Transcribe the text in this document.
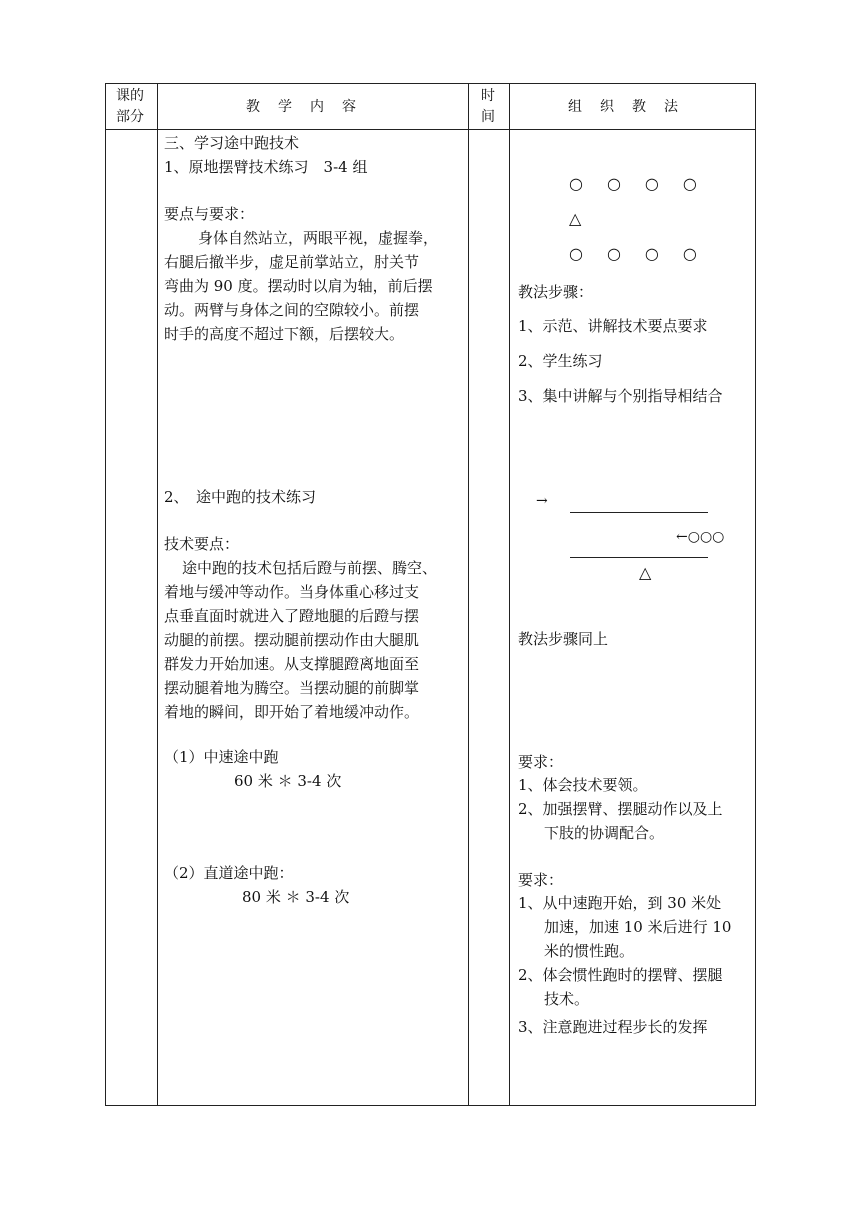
课的
部分
教　学　内　容
时
间
组　织　教　法
三、学习途中跑技术
1、原地摆臂技术练习　3-4 组
要点与要求：
身体自然站立，两眼平视，虚握拳，
右腿后撤半步，虚足前掌站立，肘关节
弯曲为 90 度。摆动时以肩为轴，前后摆
动。两臂与身体之间的空隙较小。前摆
时手的高度不超过下额，后摆较大。
2、　途中跑的技术练习
技术要点：
途中跑的技术包括后蹬与前摆、腾空、
着地与缓冲等动作。当身体重心移过支
点垂直面时就进入了蹬地腿的后蹬与摆
动腿的前摆。摆动腿前摆动作由大腿肌
群发力开始加速。从支撑腿蹬离地面至
摆动腿着地为腾空。当摆动腿的前脚掌
着地的瞬间，即开始了着地缓冲动作。
（1）中速途中跑
60 米 ＊ 3-4 次
（2）直道途中跑：
80 米 ＊ 3-4 次
○　○　○　○
△
○　○　○　○
教法步骤：
1、示范、讲解技术要点要求
2、学生练习
3、集中讲解与个别指导相结合
→
←○○○
△
教法步骤同上
要求：
1、体会技术要领。
2、加强摆臂、摆腿动作以及上
下肢的协调配合。
要求：
1、从中速跑开始，到 30 米处
加速，加速 10 米后进行 10
米的惯性跑。
2、体会惯性跑时的摆臂、摆腿
技术。
3、注意跑进过程步长的发挥
